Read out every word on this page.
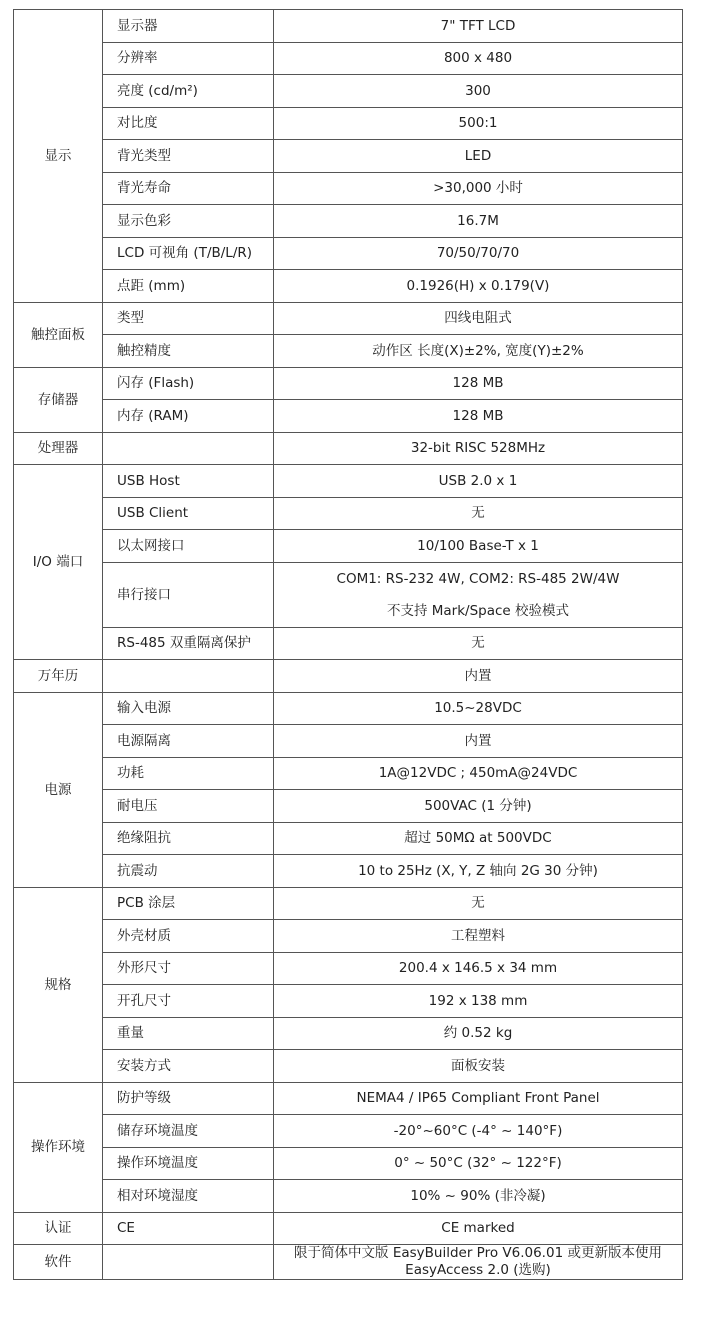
显示	显示器	7" TFT LCD

	分辨率	800 x 480

	亮度 (cd/m²)	300

	对比度	500:1

	背光类型	LED

	背光寿命	>30,000 小时

	显示色彩	16.7M

	LCD 可视角 (T/B/L/R)	70/50/70/70

	点距 (mm)	0.1926(H) x 0.179(V)

触控面板	类型	四线电阻式

	触控精度	动作区 长度(X)±2%, 宽度(Y)±2%

存储器	闪存 (Flash)	128 MB

	内存 (RAM)	128 MB

处理器		32-bit RISC 528MHz

I/O 端口	USB Host	USB 2.0 x 1

	USB Client	无

	以太网接口	10/100 Base-T x 1

	串行接口	COM1: RS-232 4W, COM2: RS-485 2W/4W
不支持 Mark/Space 校验模式

	RS-485 双重隔离保护	无

万年历		内置

电源	输入电源	10.5~28VDC

	电源隔离	内置

	功耗	1A@12VDC ; 450mA@24VDC

	耐电压	500VAC (1 分钟)

	绝缘阻抗	超过 50MΩ at 500VDC

	抗震动	10 to 25Hz (X, Y, Z 轴向 2G 30 分钟)

规格	PCB 涂层	无

	外壳材质	工程塑料

	外形尺寸	200.4 x 146.5 x 34 mm

	开孔尺寸	192 x 138 mm

	重量	约 0.52 kg

	安装方式	面板安装

操作环境	防护等级	NEMA4 / IP65 Compliant Front Panel

	储存环境温度	-20°~60°C (-4° ~ 140°F)

	操作环境温度	0° ~ 50°C (32° ~ 122°F)

	相对环境湿度	10% ~ 90% (非冷凝)

认证	CE	CE marked

软件		限于简体中文版 EasyBuilder Pro V6.06.01 或更新版本使用
EasyAccess 2.0 (选购)
